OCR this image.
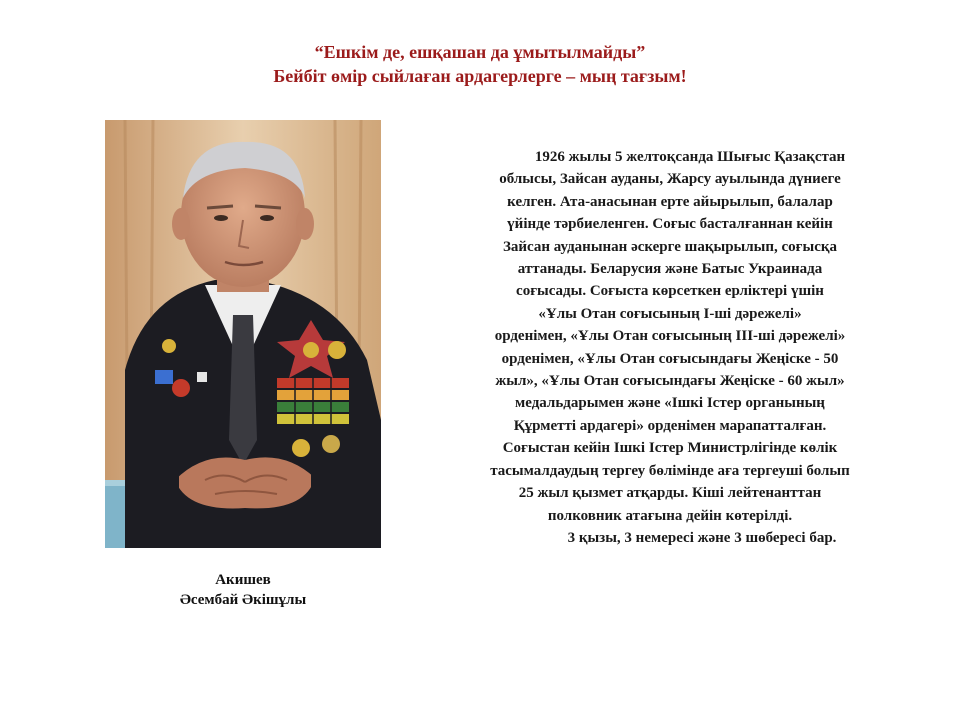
“Ешкім де, ешқашан да ұмытылмайды”
Бейбіт өмір сыйлаған ардагерлерге – мың тағзым!
Акишев
Әсембай Әкішұлы
1926 жылы 5 желтоқсанда Шығыс Қазақстан
облысы, Зайсан ауданы, Жарсу ауылында дүниеге
келген. Ата-анасынан ерте айырылып, балалар
үйінде тәрбиеленген. Соғыс басталғаннан кейін
Зайсан ауданынан әскерге шақырылып, соғысқа
аттанады. Беларусия және Батыс Украинада
соғысады. Соғыста көрсеткен ерліктері үшін
«Ұлы Отан соғысының І-ші дәрежелі»
орденімен, «Ұлы Отан соғысының ІІІ-ші дәрежелі»
орденімен, «Ұлы Отан соғысындағы Жеңіске - 50
жыл», «Ұлы Отан соғысындағы Жеңіске - 60 жыл»
медальдарымен және «Ішкі Істер органының
Құрметті ардагері» орденімен марапатталған.
Соғыстан кейін Ішкі Істер Министрлігінде көлік
тасымалдаудың тергеу бөлімінде аға тергеуші болып
25 жыл қызмет атқарды. Кіші лейтенанттан
полковник атағына дейін көтерілді.
3 қызы, 3 немересі және 3 шөбересі бар.
